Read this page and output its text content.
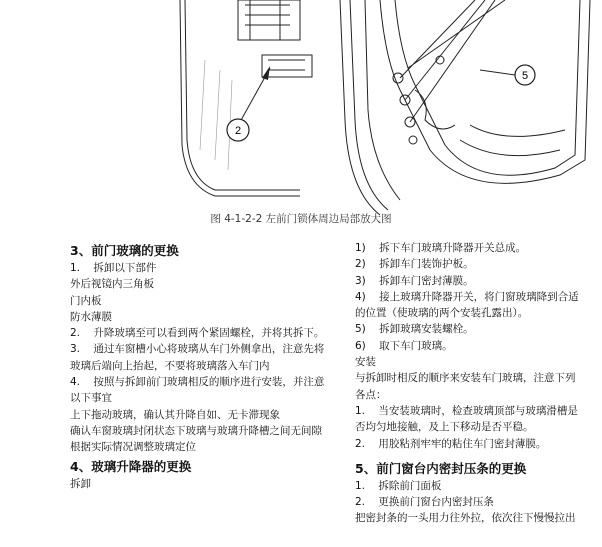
2
5
图 4-1-2-2 左前门锁体周边局部放大图
3、前门玻璃的更换

1.    拆卸以下部件

外后视镜内三角板

门内板

防水薄膜

2.    升降玻璃至可以看到两个紧固螺栓，并将其拆下。

3.    通过车窗槽小心将玻璃从车门外侧拿出，注意先将玻璃后端向上抬起，不要将玻璃落入车门内

4.    按照与拆卸前门玻璃相反的顺序进行安装，并注意以下事宜

上下拖动玻璃，确认其升降自如、无卡滞现象

确认车窗玻璃封闭状态下玻璃与玻璃升降槽之间无间隙

根据实际情况调整玻璃定位

4、玻璃升降器的更换

拆卸

1)    拆下车门玻璃升降器开关总成。

2)    拆卸车门装饰护板。

3)    拆卸车门密封薄膜。

4)    接上玻璃升降器开关，将门窗玻璃降到合适

的位置（使玻璃的两个安装孔露出）。

5)    拆卸玻璃安装螺栓。

6)    取下车门玻璃。

安装

与拆卸时相反的顺序来安装车门玻璃，注意下列

各点：

1.    当安装玻璃时，检查玻璃顶部与玻璃滑槽是

否均匀地接触，及上下移动是否平稳。

2.    用胶粘剂牢牢的粘住车门密封薄膜。

5、前门窗台内密封压条的更换

1.    拆除前门面板

2.    更换前门窗台内密封压条

把密封条的一头用力往外拉，依次往下慢慢拉出
